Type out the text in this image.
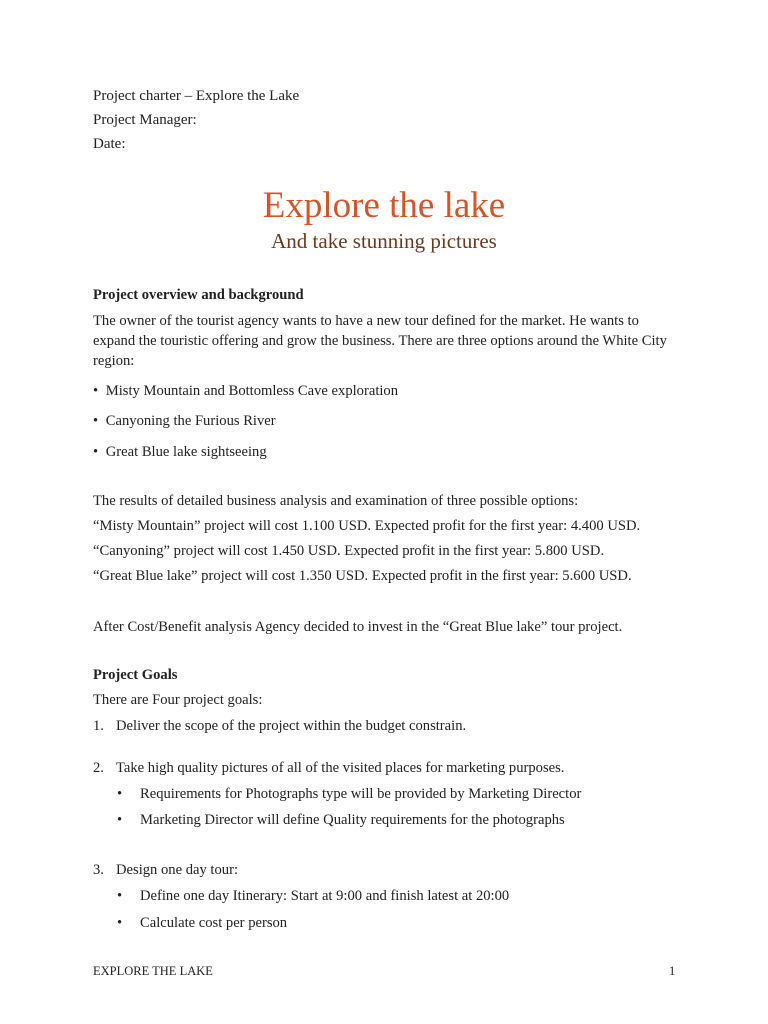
Project charter – Explore the Lake
Project Manager:
Date:
Explore the lake
And take stunning pictures
Project overview and background
The owner of the tourist agency wants to have a new tour defined for the market. He wants to expand the touristic offering and grow the business. There are three options around the White City region:
• Misty Mountain and Bottomless Cave exploration
• Canyoning the Furious River
• Great Blue lake sightseeing
The results of detailed business analysis and examination of three possible options:
“Misty Mountain” project will cost 1.100 USD. Expected profit for the first year: 4.400 USD.
“Canyoning” project will cost 1.450 USD. Expected profit in the first year: 5.800 USD.
“Great Blue lake” project will cost 1.350 USD. Expected profit in the first year: 5.600 USD.
After Cost/Benefit analysis Agency decided to invest in the “Great Blue lake” tour project.
Project Goals
There are Four project goals:
1. Deliver the scope of the project within the budget constrain.
2. Take high quality pictures of all of the visited places for marketing purposes.
• Requirements for Photographs type will be provided by Marketing Director
• Marketing Director will define Quality requirements for the photographs
3. Design one day tour:
• Define one day Itinerary: Start at 9:00 and finish latest at 20:00
• Calculate cost per person
EXPLORE THE LAKE	1
